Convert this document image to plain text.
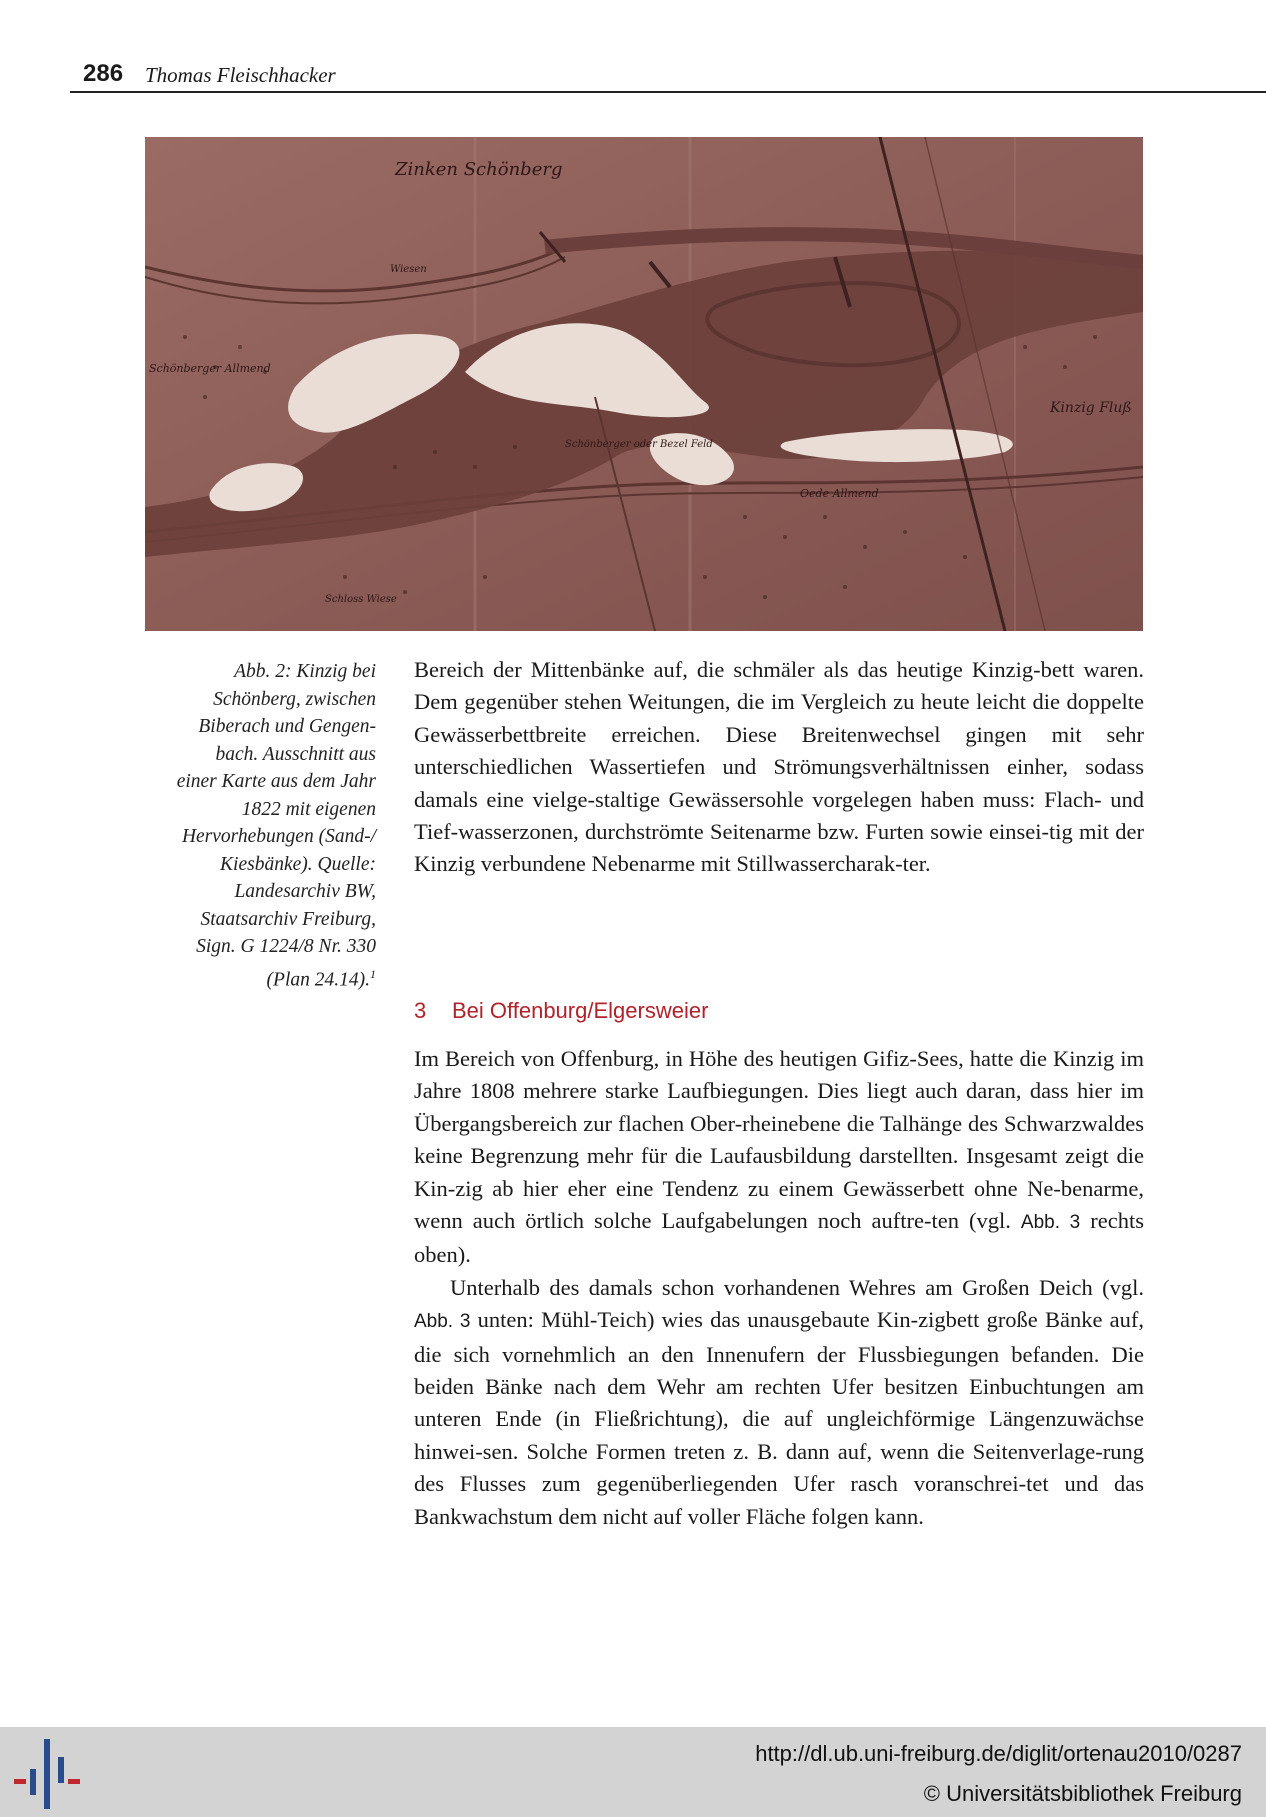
286 Thomas Fleischhacker
Zinken Schönberg
Schönberger Allmend
Wiesen
Schönberger oder Bezel Feld
Kinzig Fluß
Oede Allmend
Schloss Wiese
Abb. 2: Kinzig bei
Schönberg, zwischen
Biberach und Gengen-
bach. Ausschnitt aus
einer Karte aus dem Jahr
1822 mit eigenen
Hervorhebungen (Sand-/
Kiesbänke). Quelle:
Landesarchiv BW,
Staatsarchiv Freiburg,
Sign. G 1224/8 Nr. 330
(Plan 24.14).$^1$

Bereich der Mittenbänke auf, die schmäler als das heutige Kinzig-bett waren. Dem gegenüber stehen Weitungen, die im Vergleich zu heute leicht die doppelte Gewässerbettbreite erreichen. Diese Breitenwechsel gingen mit sehr unterschiedlichen Wassertiefen und Strömungsverhältnissen einher, sodass damals eine vielge-staltige Gewässersohle vorgelegen haben muss: Flach- und Tief-wasserzonen, durchströmte Seitenarme bzw. Furten sowie einsei-tig mit der Kinzig verbundene Nebenarme mit Stillwassercharak-ter.

3 Bei Offenburg/Elgersweier

Im Bereich von Offenburg, in Höhe des heutigen Gifiz-Sees, hatte die Kinzig im Jahre 1808 mehrere starke Laufbiegungen. Dies liegt auch daran, dass hier im Übergangsbereich zur flachen Ober-rheinebene die Talhänge des Schwarzwaldes keine Begrenzung mehr für die Laufausbildung darstellten. Insgesamt zeigt die Kin-zig ab hier eher eine Tendenz zu einem Gewässerbett ohne Ne-benarme, wenn auch örtlich solche Laufgabelungen noch auftre-ten (vgl. Abb. 3 rechts oben).

Unterhalb des damals schon vorhandenen Wehres am Großen Deich (vgl. Abb. 3 unten: Mühl-Teich) wies das unausgebaute Kin-zigbett große Bänke auf, die sich vornehmlich an den Innenufern der Flussbiegungen befanden. Die beiden Bänke nach dem Wehr am rechten Ufer besitzen Einbuchtungen am unteren Ende (in Fließrichtung), die auf ungleichförmige Längenzuwächse hinwei-sen. Solche Formen treten z. B. dann auf, wenn die Seitenverlage-rung des Flusses zum gegenüberliegenden Ufer rasch voranschrei-tet und das Bankwachstum dem nicht auf voller Fläche folgen kann.

http://dl.ub.uni-freiburg.de/diglit/ortenau2010/0287
© Universitätsbibliothek Freiburg
